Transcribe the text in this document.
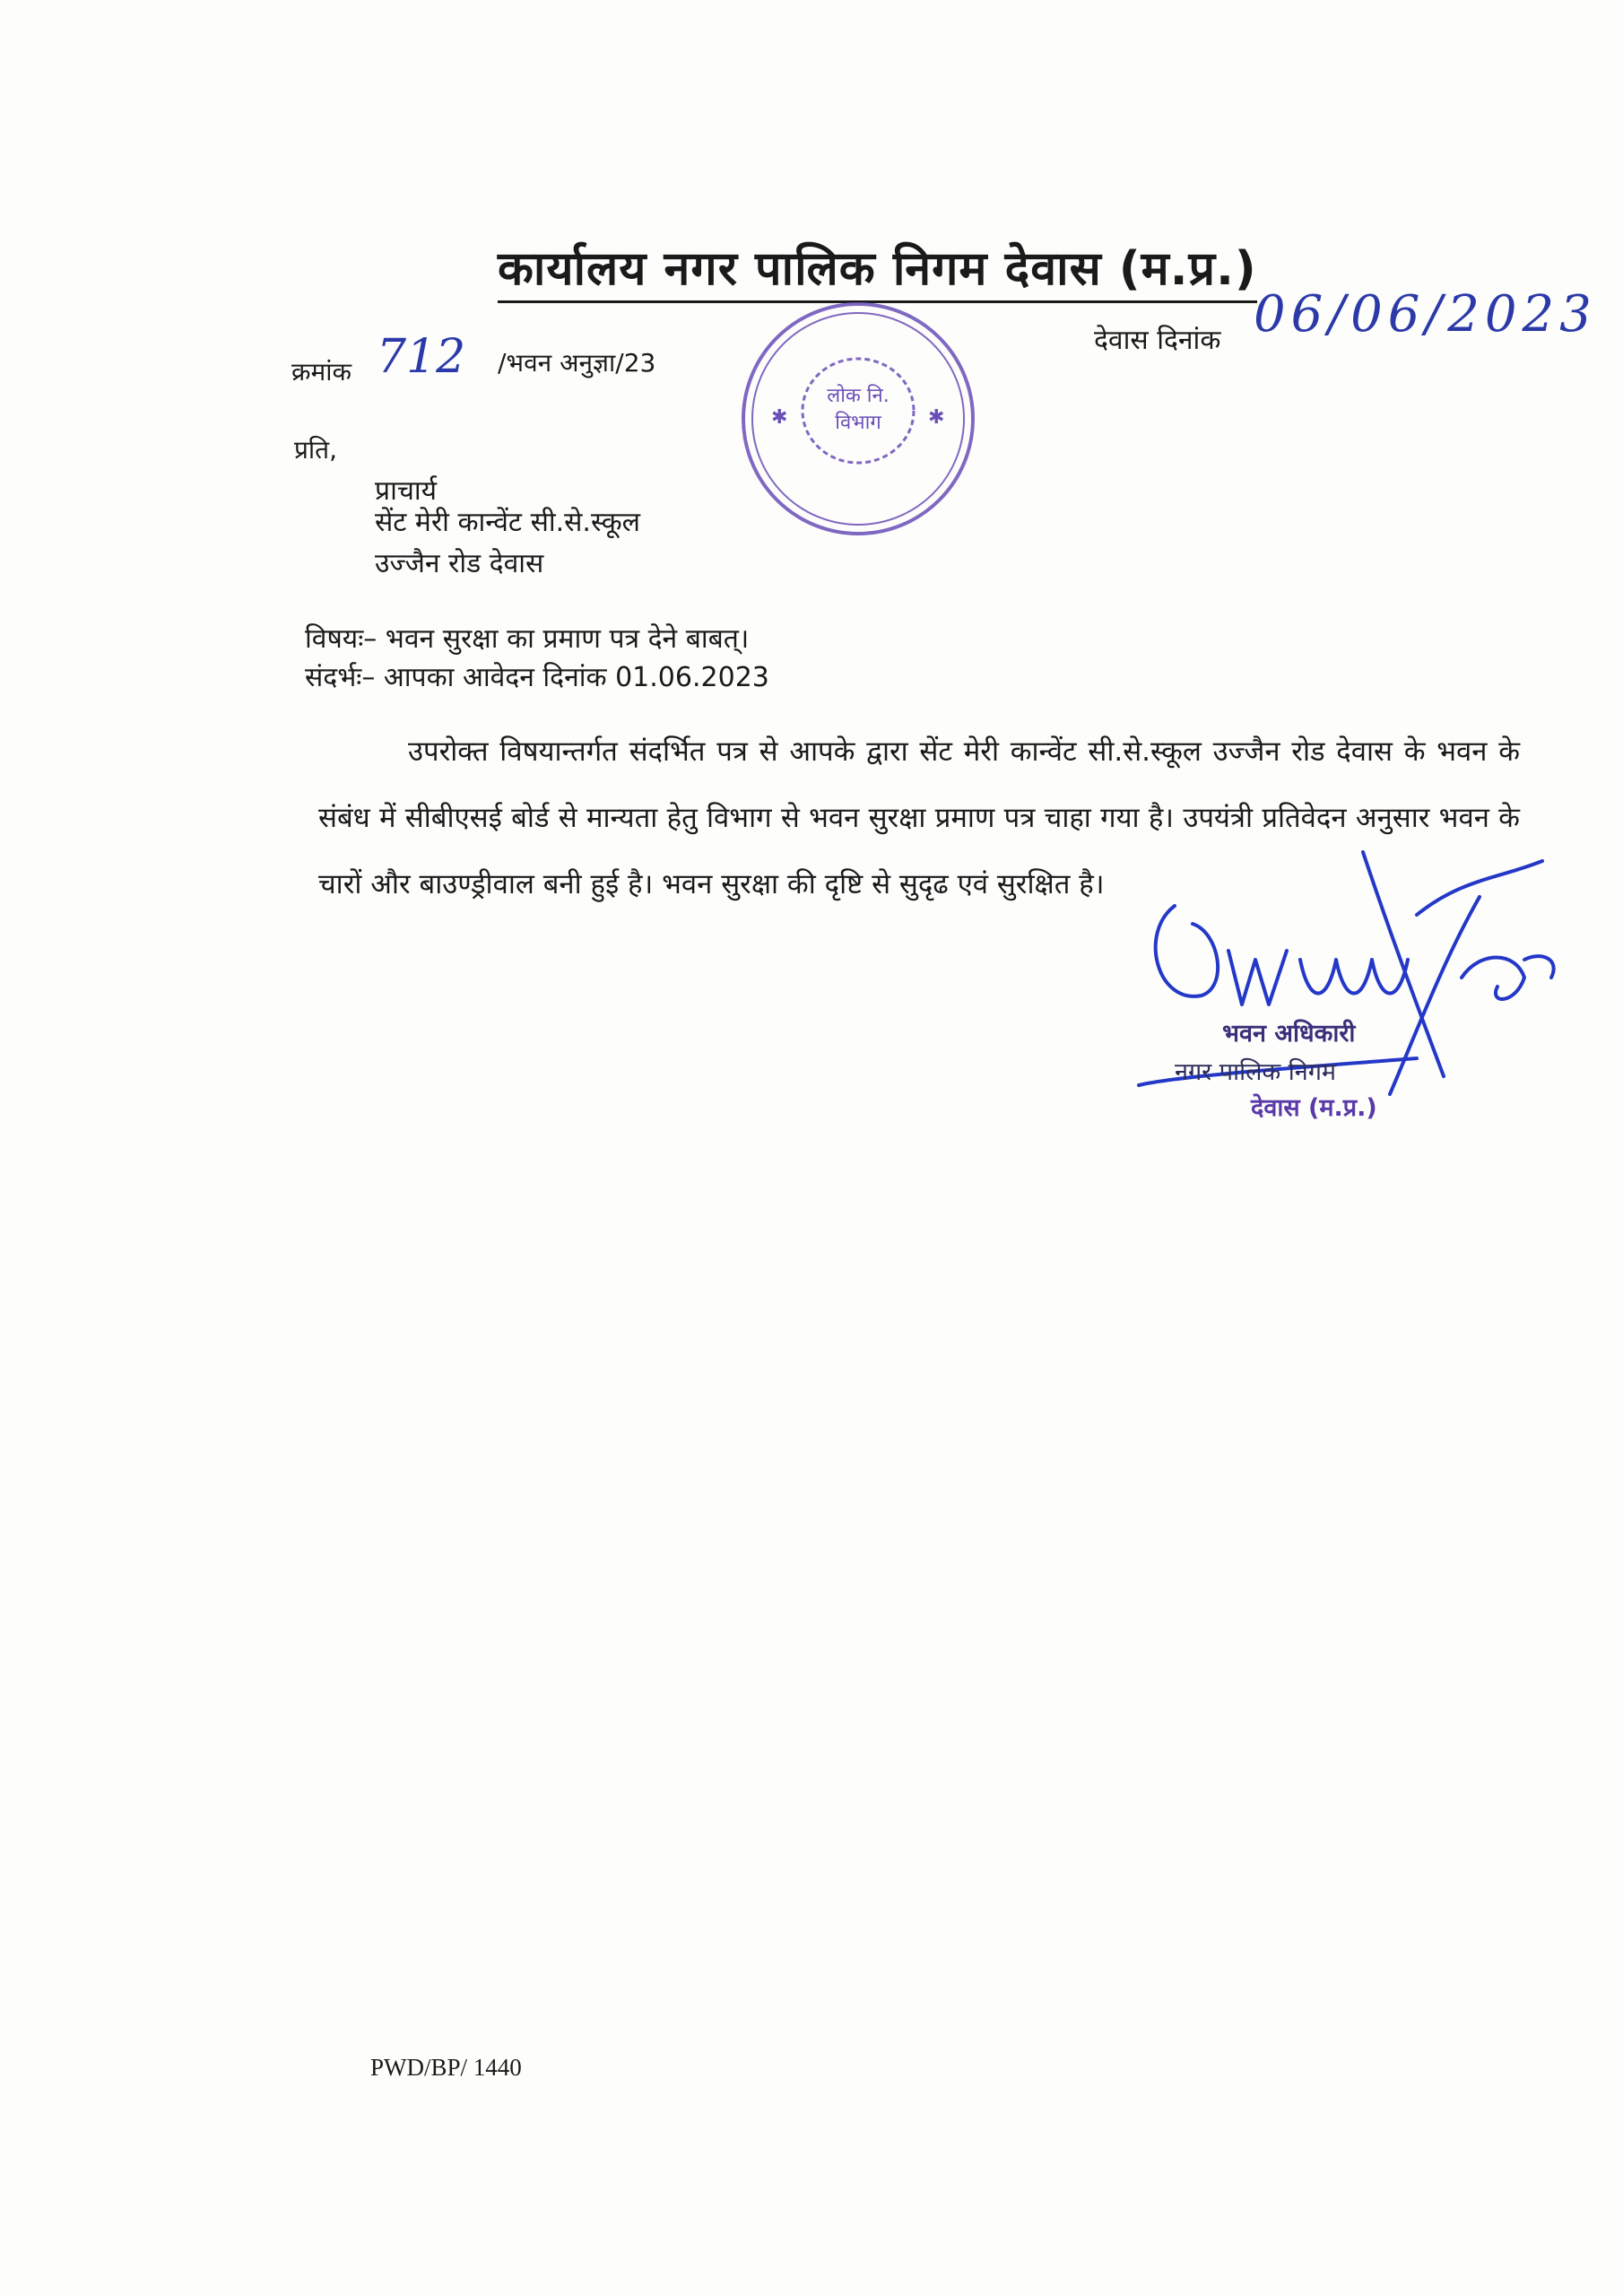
कार्यालय नगर पालिक निगम देवास (म.प्र.)
क्रमांक 712 /भवन अनुज्ञा/23
लोक नि.
विभाग
✱	✱
देवास दिनांक 06/06/2023
प्रति,
प्राचार्य
सेंट मेरी कान्वेंट सी.से.स्कूल
उज्जैन रोड देवास
विषयः– भवन सुरक्षा का प्रमाण पत्र देने बाबत्।
संदर्भः– आपका आवेदन दिनांक 01.06.2023

उपरोक्त विषयान्तर्गत संदर्भित पत्र से आपके द्वारा सेंट मेरी कान्वेंट सी.से.स्कूल उज्जैन रोड देवास के भवन के संबंध में सीबीएसई बोर्ड से मान्यता हेतु विभाग से भवन सुरक्षा प्रमाण पत्र चाहा गया है। उपयंत्री प्रतिवेदन अनुसार भवन के चारों और बाउण्ड्रीवाल बनी हुई है। भवन सुरक्षा की दृष्टि से सुदृढ एवं सुरक्षित है।

भवन अधिकारी
नगर पालिक निगम
देवास (म.प्र.)
PWD/BP/ 1440
